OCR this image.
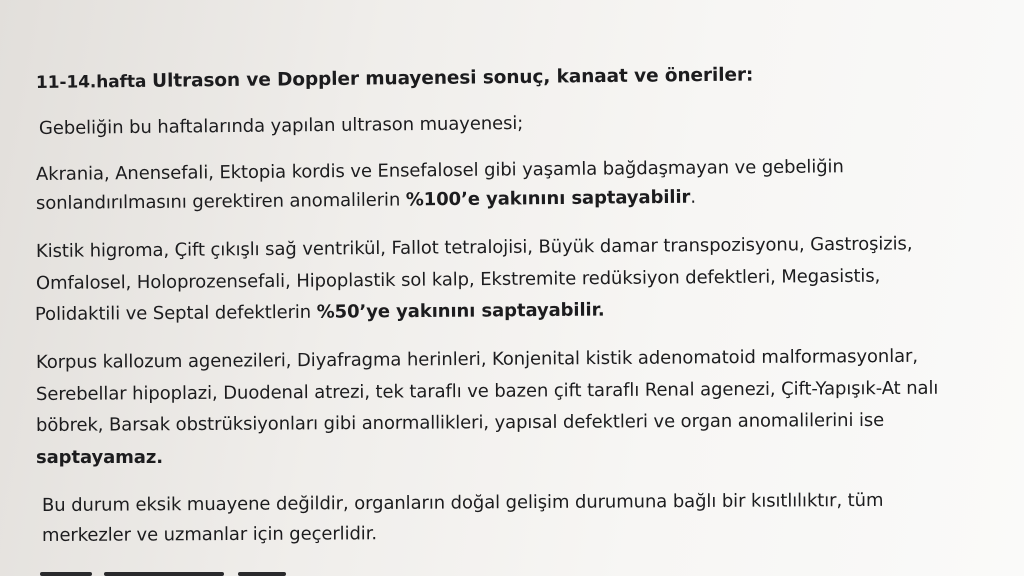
11-14.hafta Ultrason ve Doppler muayenesi sonuç, kanaat ve öneriler:
Gebeliğin bu haftalarında yapılan ultrason muayenesi;
Akrania, Anensefali, Ektopia kordis ve Ensefalosel gibi yaşamla bağdaşmayan ve gebeliğin
sonlandırılmasını gerektiren anomalilerin %100’e yakınını saptayabilir.
Kistik higroma, Çift çıkışlı sağ ventrikül, Fallot tetralojisi, Büyük damar transpozisyonu, Gastroşizis,
Omfalosel, Holoprozensefali, Hipoplastik sol kalp, Ekstremite redüksiyon defektleri, Megasistis,
Polidaktili ve Septal defektlerin %50’ye yakınını saptayabilir.
Korpus kallozum agenezileri, Diyafragma herinleri, Konjenital kistik adenomatoid malformasyonlar,
Serebellar hipoplazi, Duodenal atrezi, tek taraflı ve bazen çift taraflı Renal agenezi, Çift-Yapışık-At nalı
böbrek, Barsak obstrüksiyonları gibi anormallikleri, yapısal defektleri ve organ anomalilerini ise
saptayamaz.
Bu durum eksik muayene değildir, organların doğal gelişim durumuna bağlı bir kısıtlılıktır, tüm
merkezler ve uzmanlar için geçerlidir.
